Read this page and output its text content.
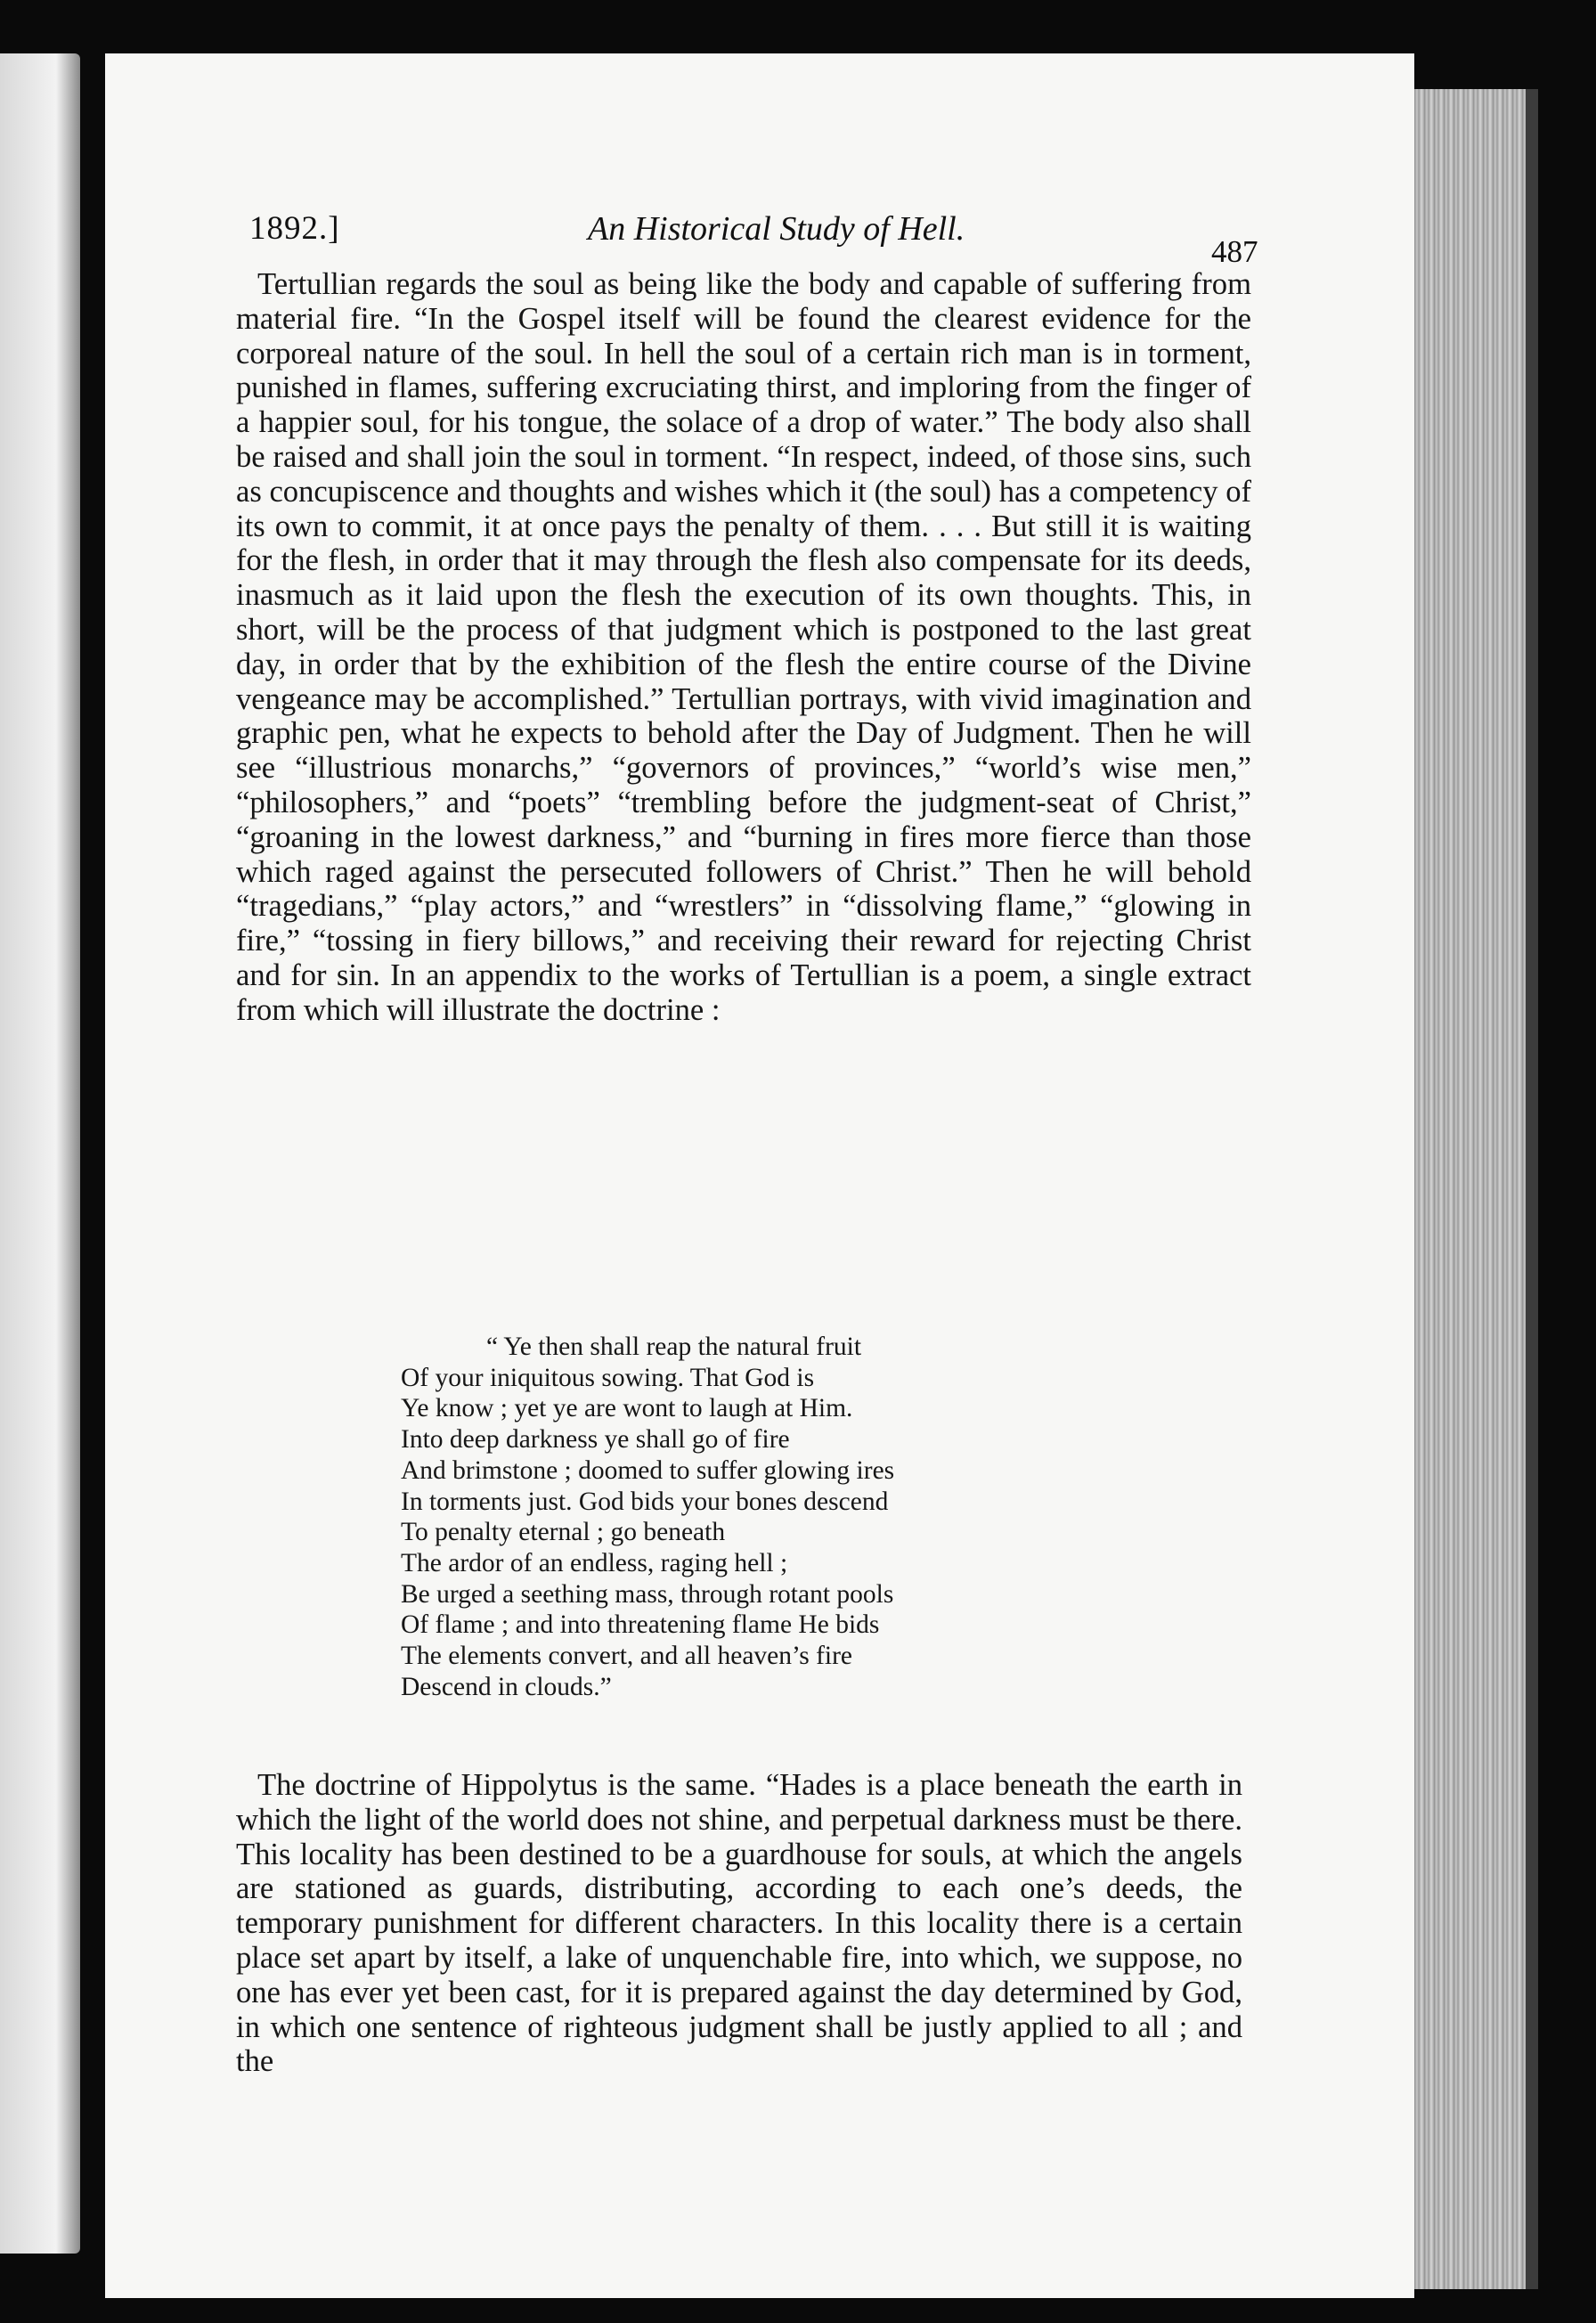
1892.]	An Historical Study of Hell.
487

Tertullian regards the soul as being like the body and capable of suffering from material fire. “In the Gospel itself will be found the clearest evidence for the corporeal nature of the soul. In hell the soul of a certain rich man is in torment, punished in flames, suffering excruciating thirst, and imploring from the finger of a happier soul, for his tongue, the solace of a drop of water.” The body also shall be raised and shall join the soul in torment. “In respect, indeed, of those sins, such as concupiscence and thoughts and wishes which it (the soul) has a competency of its own to commit, it at once pays the penalty of them. . . . But still it is waiting for the flesh, in order that it may through the flesh also compensate for its deeds, inasmuch as it laid upon the flesh the execution of its own thoughts. This, in short, will be the process of that judgment which is postponed to the last great day, in order that by the exhibition of the flesh the entire course of the Divine vengeance may be accomplished.” Tertullian portrays, with vivid imagination and graphic pen, what he expects to behold after the Day of Judgment. Then he will see “illustrious monarchs,” “governors of provinces,” “world’s wise men,” “philosophers,” and “poets” “trembling before the judgment-seat of Christ,” “groaning in the lowest darkness,” and “burning in fires more fierce than those which raged against the persecuted followers of Christ.” Then he will behold “tragedians,” “play actors,” and “wrestlers” in “dissolving flame,” “glowing in fire,” “tossing in fiery billows,” and receiving their reward for rejecting Christ and for sin. In an appendix to the works of Tertullian is a poem, a single extract from which will illustrate the doctrine :

“ Ye then shall reap the natural fruit
Of your iniquitous sowing. That God is
Ye know ; yet ye are wont to laugh at Him.
Into deep darkness ye shall go of fire
And brimstone ; doomed to suffer glowing ires
In torments just. God bids your bones descend
To penalty eternal ; go beneath
The ardor of an endless, raging hell ;
Be urged a seething mass, through rotant pools
Of flame ; and into threatening flame He bids
The elements convert, and all heaven’s fire
Descend in clouds.”

The doctrine of Hippolytus is the same. “Hades is a place beneath the earth in which the light of the world does not shine, and perpetual darkness must be there. This locality has been destined to be a guardhouse for souls, at which the angels are stationed as guards, distributing, according to each one’s deeds, the temporary punishment for different characters. In this locality there is a certain place set apart by itself, a lake of unquenchable fire, into which, we suppose, no one has ever yet been cast, for it is prepared against the day determined by God, in which one sentence of righteous judgment shall be justly applied to all ; and the
